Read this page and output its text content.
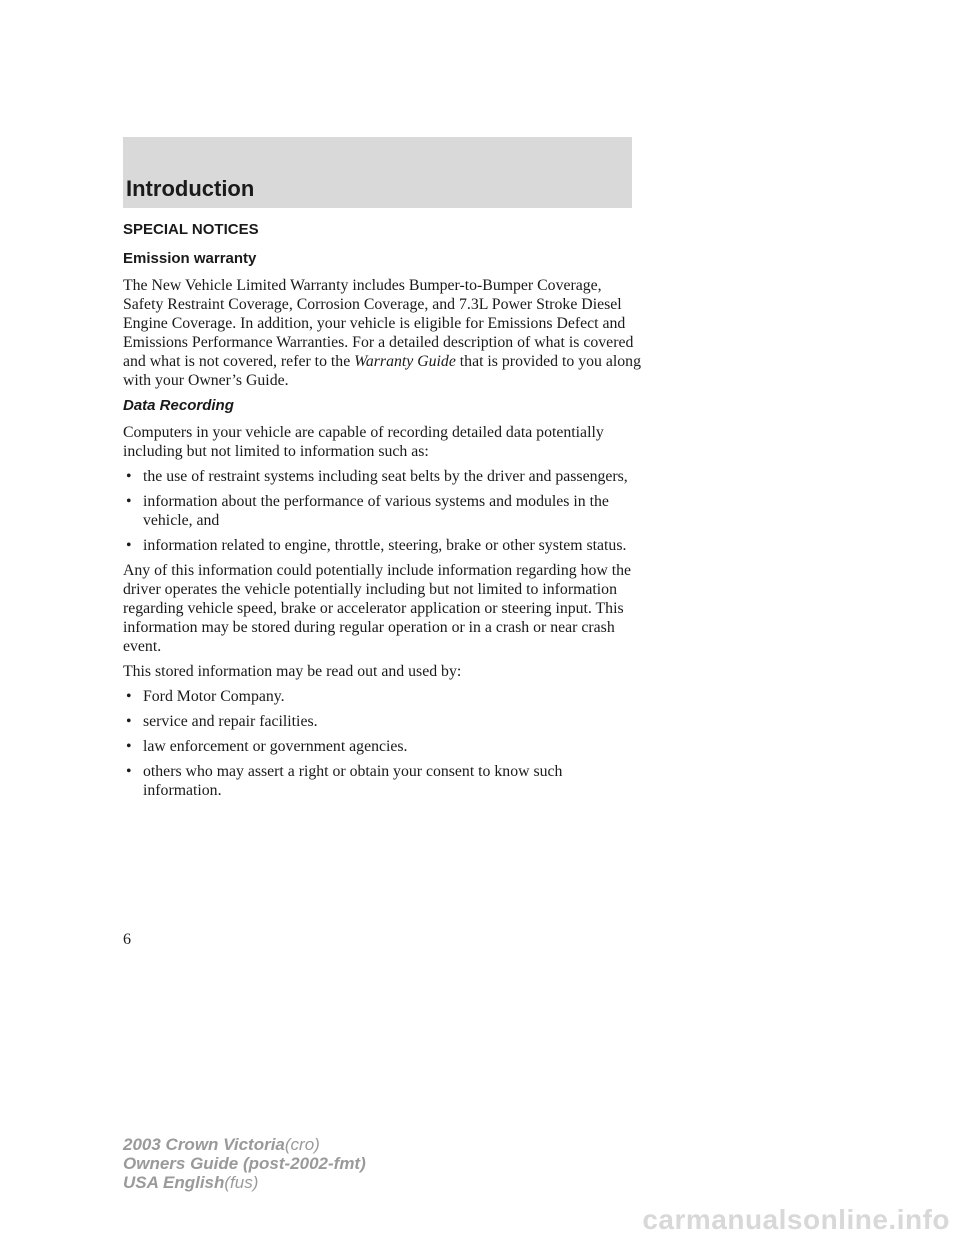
Introduction
SPECIAL NOTICES
Emission warranty

The New Vehicle Limited Warranty includes Bumper-to-Bumper Coverage, Safety Restraint Coverage, Corrosion Coverage, and 7.3L Power Stroke Diesel Engine Coverage. In addition, your vehicle is eligible for Emissions Defect and Emissions Performance Warranties. For a detailed description of what is covered and what is not covered, refer to the Warranty Guide that is provided to you along with your Owner’s Guide.

Data Recording

Computers in your vehicle are capable of recording detailed data potentially including but not limited to information such as:

• the use of restraint systems including seat belts by the driver and passengers,
• information about the performance of various systems and modules in the vehicle, and
• information related to engine, throttle, steering, brake or other system status.

Any of this information could potentially include information regarding how the driver operates the vehicle potentially including but not limited to information regarding vehicle speed, brake or accelerator application or steering input. This information may be stored during regular operation or in a crash or near crash event.

This stored information may be read out and used by:

• Ford Motor Company.
• service and repair facilities.
• law enforcement or government agencies.
• others who may assert a right or obtain your consent to know such information.
6
2003 Crown Victoria(cro)
Owners Guide (post-2002-fmt)
USA English(fus)
carmanualsonline.info
